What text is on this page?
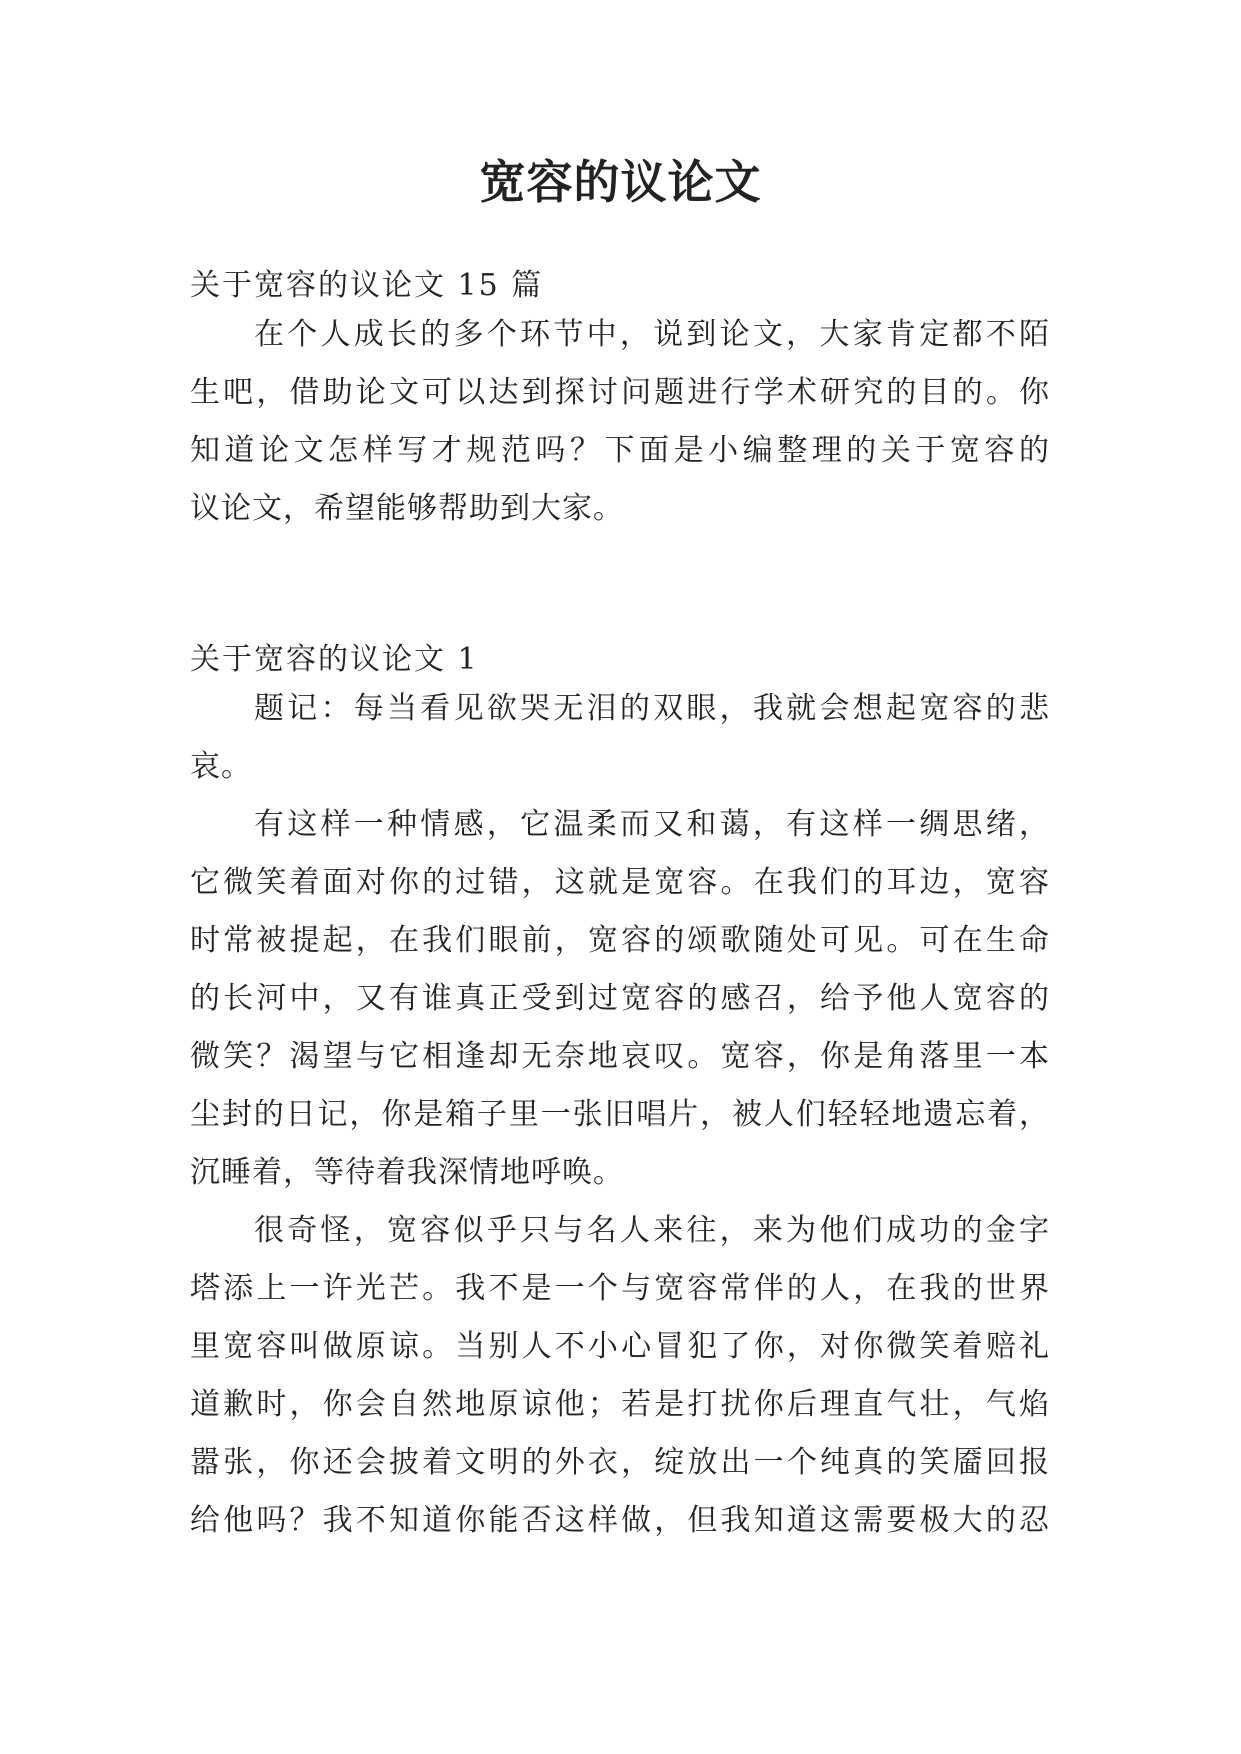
宽容的议论文
关于宽容的议论文 15 篇
在个人成长的多个环节中，说到论文，大家肯定都不陌
生吧，借助论文可以达到探讨问题进行学术研究的目的。你
知道论文怎样写才规范吗？下面是小编整理的关于宽容的
议论文，希望能够帮助到大家。
关于宽容的议论文 1
题记：每当看见欲哭无泪的双眼，我就会想起宽容的悲
哀。
有这样一种情感，它温柔而又和蔼，有这样一绸思绪，
它微笑着面对你的过错，这就是宽容。在我们的耳边，宽容
时常被提起，在我们眼前，宽容的颂歌随处可见。可在生命
的长河中，又有谁真正受到过宽容的感召，给予他人宽容的
微笑？渴望与它相逢却无奈地哀叹。宽容，你是角落里一本
尘封的日记，你是箱子里一张旧唱片，被人们轻轻地遗忘着，
沉睡着，等待着我深情地呼唤。
很奇怪，宽容似乎只与名人来往，来为他们成功的金字
塔添上一许光芒。我不是一个与宽容常伴的人，在我的世界
里宽容叫做原谅。当别人不小心冒犯了你，对你微笑着赔礼
道歉时，你会自然地原谅他；若是打扰你后理直气壮，气焰
嚣张，你还会披着文明的外衣，绽放出一个纯真的笑靥回报
给他吗？我不知道你能否这样做，但我知道这需要极大的忍
